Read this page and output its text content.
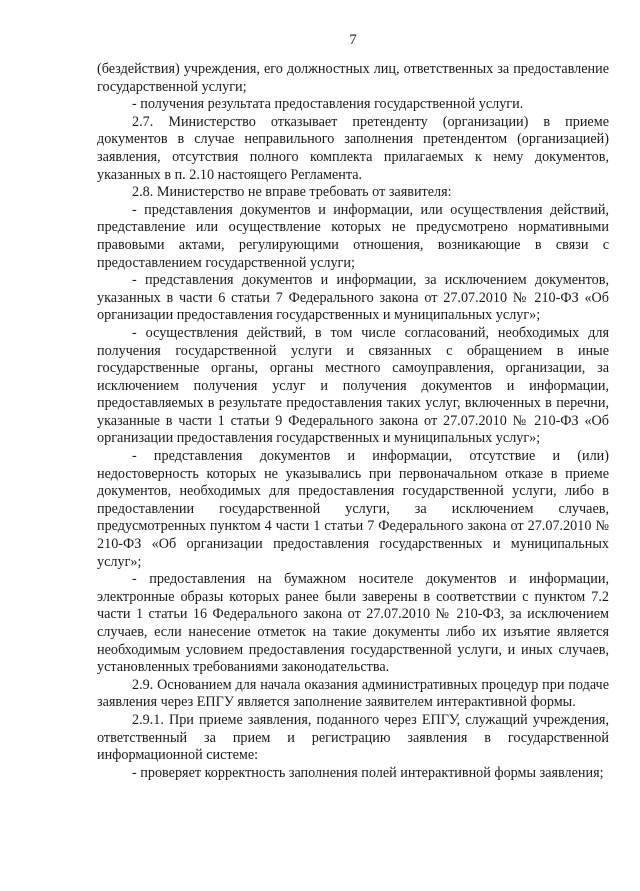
7

(бездействия) учреждения, его должностных лиц, ответственных за предоставление государственной услуги;

- получения результата предоставления государственной услуги.

2.7. Министерство отказывает претенденту (организации) в приеме документов в случае неправильного заполнения претендентом (организацией) заявления, отсутствия полного комплекта прилагаемых к нему документов, указанных в п. 2.10 настоящего Регламента.

2.8. Министерство не вправе требовать от заявителя:

- представления документов и информации, или осуществления действий, представление или осуществление которых не предусмотрено нормативными правовыми актами, регулирующими отношения, возникающие в связи с предоставлением государственной услуги;

- представления документов и информации, за исключением документов, указанных в части 6 статьи 7 Федерального закона от 27.07.2010 № 210-ФЗ «Об организации предоставления государственных и муниципальных услуг»;

- осуществления действий, в том числе согласований, необходимых для получения государственной услуги и связанных с обращением в иные государственные органы, органы местного самоуправления, организации, за исключением получения услуг и получения документов и информации, предоставляемых в результате предоставления таких услуг, включенных в перечни, указанные в части 1 статьи 9 Федерального закона от 27.07.2010 № 210-ФЗ «Об организации предоставления государственных и муниципальных услуг»;

- представления документов и информации, отсутствие и (или) недостоверность которых не указывались при первоначальном отказе в приеме документов, необходимых для предоставления государственной услуги, либо в предоставлении государственной услуги, за исключением случаев, предусмотренных пунктом 4 части 1 статьи 7 Федерального закона от 27.07.2010 № 210-ФЗ «Об организации предоставления государственных и муниципальных услуг»;

- предоставления на бумажном носителе документов и информации, электронные образы которых ранее были заверены в соответствии с пунктом 7.2 части 1 статьи 16 Федерального закона от 27.07.2010 № 210-ФЗ, за исключением случаев, если нанесение отметок на такие документы либо их изъятие является необходимым условием предоставления государственной услуги, и иных случаев, установленных требованиями законодательства.

2.9. Основанием для начала оказания административных процедур при подаче заявления через ЕПГУ является заполнение заявителем интерактивной формы.

2.9.1. При приеме заявления, поданного через ЕПГУ, служащий учреждения, ответственный за прием и регистрацию заявления в государственной информационной системе:

- проверяет корректность заполнения полей интерактивной формы заявления;
